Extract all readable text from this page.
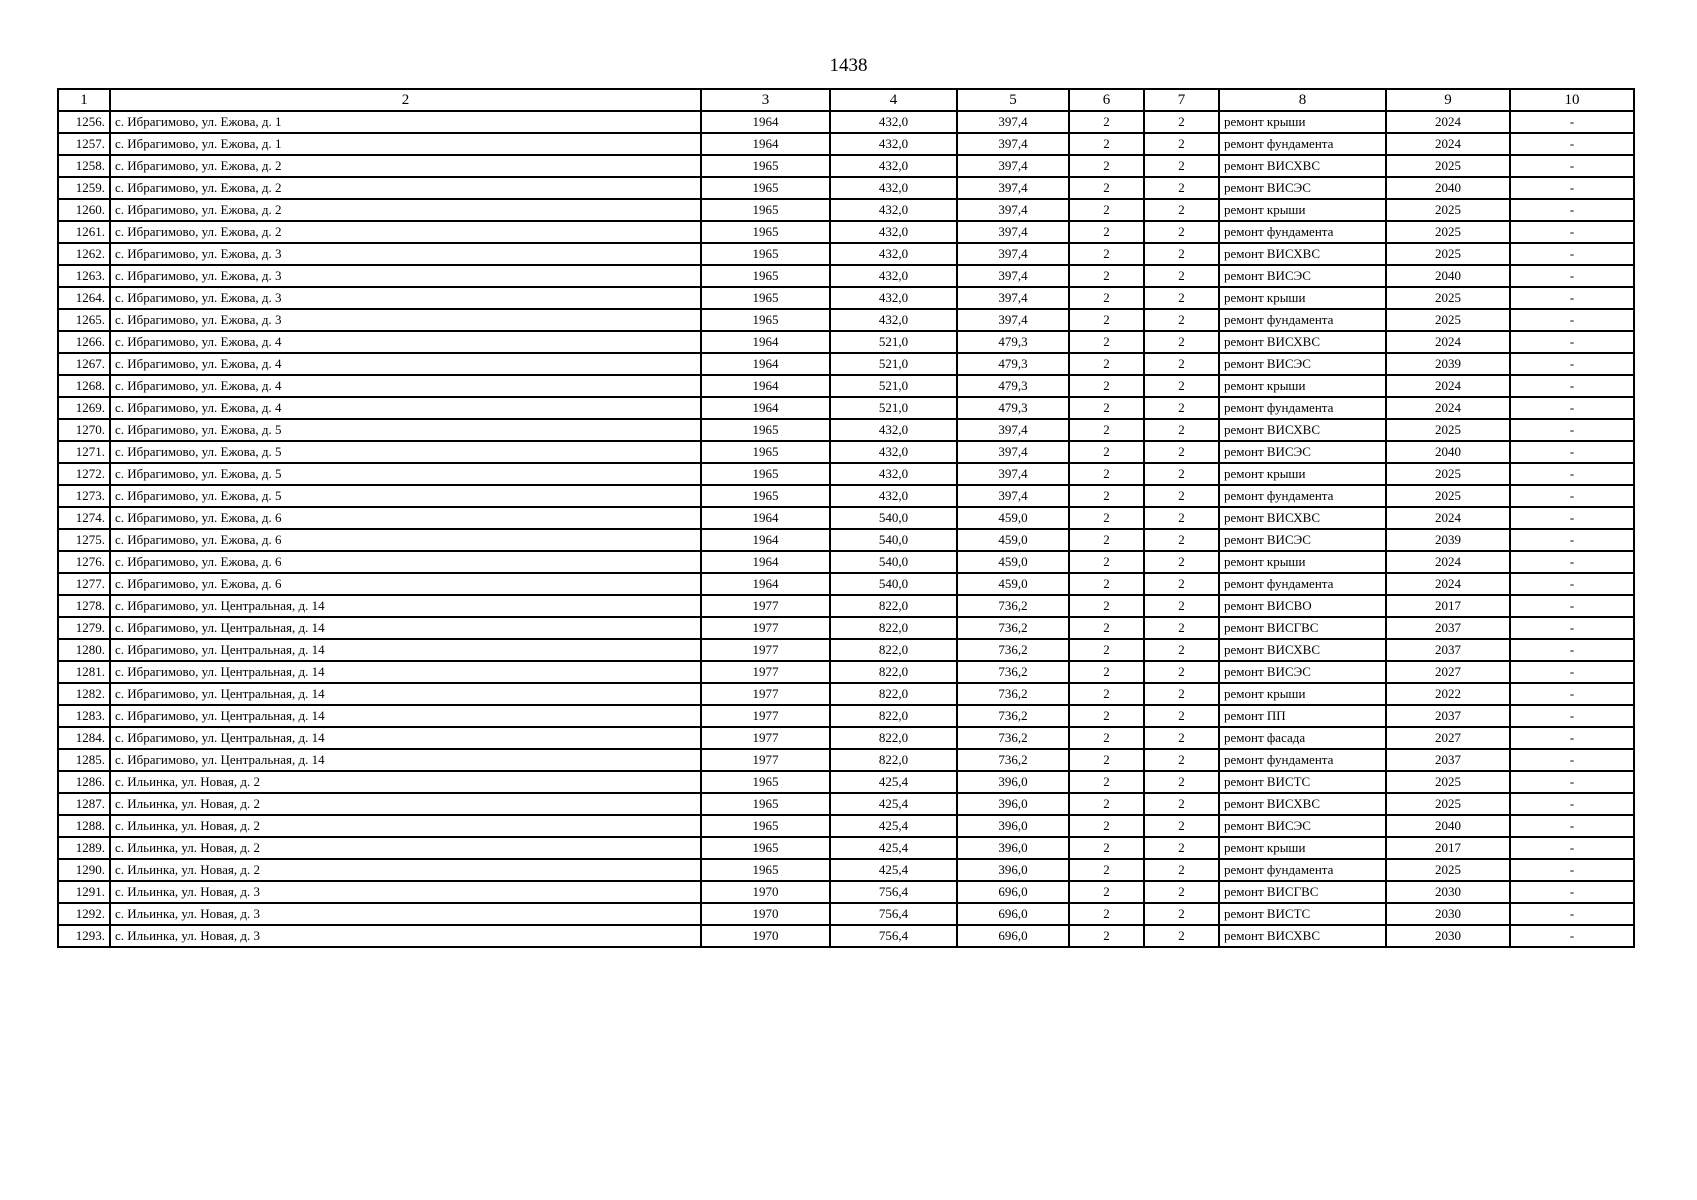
1438
1	2	3	4	5	6	7	8	9	10
1256.	с. Ибрагимово, ул. Ежова, д. 1	1964	432,0	397,4	2	2	ремонт крыши	2024	-
1257.	с. Ибрагимово, ул. Ежова, д. 1	1964	432,0	397,4	2	2	ремонт фундамента	2024	-
1258.	с. Ибрагимово, ул. Ежова, д. 2	1965	432,0	397,4	2	2	ремонт ВИСХВС	2025	-
1259.	с. Ибрагимово, ул. Ежова, д. 2	1965	432,0	397,4	2	2	ремонт ВИСЭС	2040	-
1260.	с. Ибрагимово, ул. Ежова, д. 2	1965	432,0	397,4	2	2	ремонт крыши	2025	-
1261.	с. Ибрагимово, ул. Ежова, д. 2	1965	432,0	397,4	2	2	ремонт фундамента	2025	-
1262.	с. Ибрагимово, ул. Ежова, д. 3	1965	432,0	397,4	2	2	ремонт ВИСХВС	2025	-
1263.	с. Ибрагимово, ул. Ежова, д. 3	1965	432,0	397,4	2	2	ремонт ВИСЭС	2040	-
1264.	с. Ибрагимово, ул. Ежова, д. 3	1965	432,0	397,4	2	2	ремонт крыши	2025	-
1265.	с. Ибрагимово, ул. Ежова, д. 3	1965	432,0	397,4	2	2	ремонт фундамента	2025	-
1266.	с. Ибрагимово, ул. Ежова, д. 4	1964	521,0	479,3	2	2	ремонт ВИСХВС	2024	-
1267.	с. Ибрагимово, ул. Ежова, д. 4	1964	521,0	479,3	2	2	ремонт ВИСЭС	2039	-
1268.	с. Ибрагимово, ул. Ежова, д. 4	1964	521,0	479,3	2	2	ремонт крыши	2024	-
1269.	с. Ибрагимово, ул. Ежова, д. 4	1964	521,0	479,3	2	2	ремонт фундамента	2024	-
1270.	с. Ибрагимово, ул. Ежова, д. 5	1965	432,0	397,4	2	2	ремонт ВИСХВС	2025	-
1271.	с. Ибрагимово, ул. Ежова, д. 5	1965	432,0	397,4	2	2	ремонт ВИСЭС	2040	-
1272.	с. Ибрагимово, ул. Ежова, д. 5	1965	432,0	397,4	2	2	ремонт крыши	2025	-
1273.	с. Ибрагимово, ул. Ежова, д. 5	1965	432,0	397,4	2	2	ремонт фундамента	2025	-
1274.	с. Ибрагимово, ул. Ежова, д. 6	1964	540,0	459,0	2	2	ремонт ВИСХВС	2024	-
1275.	с. Ибрагимово, ул. Ежова, д. 6	1964	540,0	459,0	2	2	ремонт ВИСЭС	2039	-
1276.	с. Ибрагимово, ул. Ежова, д. 6	1964	540,0	459,0	2	2	ремонт крыши	2024	-
1277.	с. Ибрагимово, ул. Ежова, д. 6	1964	540,0	459,0	2	2	ремонт фундамента	2024	-
1278.	с. Ибрагимово, ул. Центральная, д. 14	1977	822,0	736,2	2	2	ремонт ВИСВО	2017	-
1279.	с. Ибрагимово, ул. Центральная, д. 14	1977	822,0	736,2	2	2	ремонт ВИСГВС	2037	-
1280.	с. Ибрагимово, ул. Центральная, д. 14	1977	822,0	736,2	2	2	ремонт ВИСХВС	2037	-
1281.	с. Ибрагимово, ул. Центральная, д. 14	1977	822,0	736,2	2	2	ремонт ВИСЭС	2027	-
1282.	с. Ибрагимово, ул. Центральная, д. 14	1977	822,0	736,2	2	2	ремонт крыши	2022	-
1283.	с. Ибрагимово, ул. Центральная, д. 14	1977	822,0	736,2	2	2	ремонт ПП	2037	-
1284.	с. Ибрагимово, ул. Центральная, д. 14	1977	822,0	736,2	2	2	ремонт фасада	2027	-
1285.	с. Ибрагимово, ул. Центральная, д. 14	1977	822,0	736,2	2	2	ремонт фундамента	2037	-
1286.	с. Ильинка, ул. Новая, д. 2	1965	425,4	396,0	2	2	ремонт ВИСТС	2025	-
1287.	с. Ильинка, ул. Новая, д. 2	1965	425,4	396,0	2	2	ремонт ВИСХВС	2025	-
1288.	с. Ильинка, ул. Новая, д. 2	1965	425,4	396,0	2	2	ремонт ВИСЭС	2040	-
1289.	с. Ильинка, ул. Новая, д. 2	1965	425,4	396,0	2	2	ремонт крыши	2017	-
1290.	с. Ильинка, ул. Новая, д. 2	1965	425,4	396,0	2	2	ремонт фундамента	2025	-
1291.	с. Ильинка, ул. Новая, д. 3	1970	756,4	696,0	2	2	ремонт ВИСГВС	2030	-
1292.	с. Ильинка, ул. Новая, д. 3	1970	756,4	696,0	2	2	ремонт ВИСТС	2030	-
1293.	с. Ильинка, ул. Новая, д. 3	1970	756,4	696,0	2	2	ремонт ВИСХВС	2030	-
